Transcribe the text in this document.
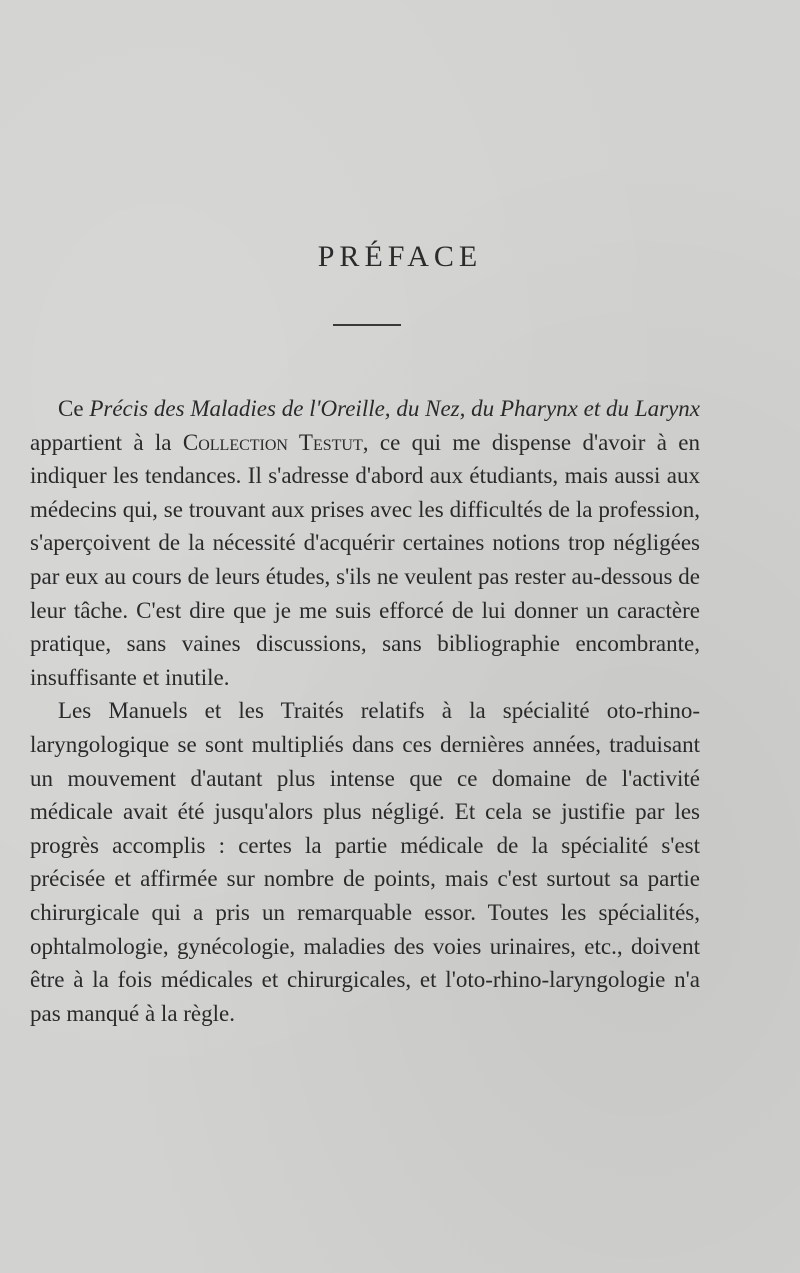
PRÉFACE

Ce Précis des Maladies de l'Oreille, du Nez, du Pharynx et du Larynx appartient à la Collection Testut, ce qui me dispense d'avoir à en indiquer les tendances. Il s'adresse d'abord aux étudiants, mais aussi aux médecins qui, se trouvant aux prises avec les difficultés de la profession, s'aperçoivent de la nécessité d'acquérir certaines notions trop négligées par eux au cours de leurs études, s'ils ne veulent pas rester au-dessous de leur tâche. C'est dire que je me suis efforcé de lui donner un caractère pratique, sans vaines discussions, sans bibliographie encombrante, insuffisante et inutile.

Les Manuels et les Traités relatifs à la spécialité oto-rhino-laryngologique se sont multipliés dans ces dernières années, traduisant un mouvement d'autant plus intense que ce domaine de l'activité médicale avait été jusqu'alors plus négligé. Et cela se justifie par les progrès accomplis : certes la partie médicale de la spécialité s'est précisée et affirmée sur nombre de points, mais c'est surtout sa partie chirurgicale qui a pris un remarquable essor. Toutes les spécialités, ophtalmologie, gynécologie, maladies des voies urinaires, etc., doivent être à la fois médicales et chirurgicales, et l'oto-rhino-laryngologie n'a pas manqué à la règle.
